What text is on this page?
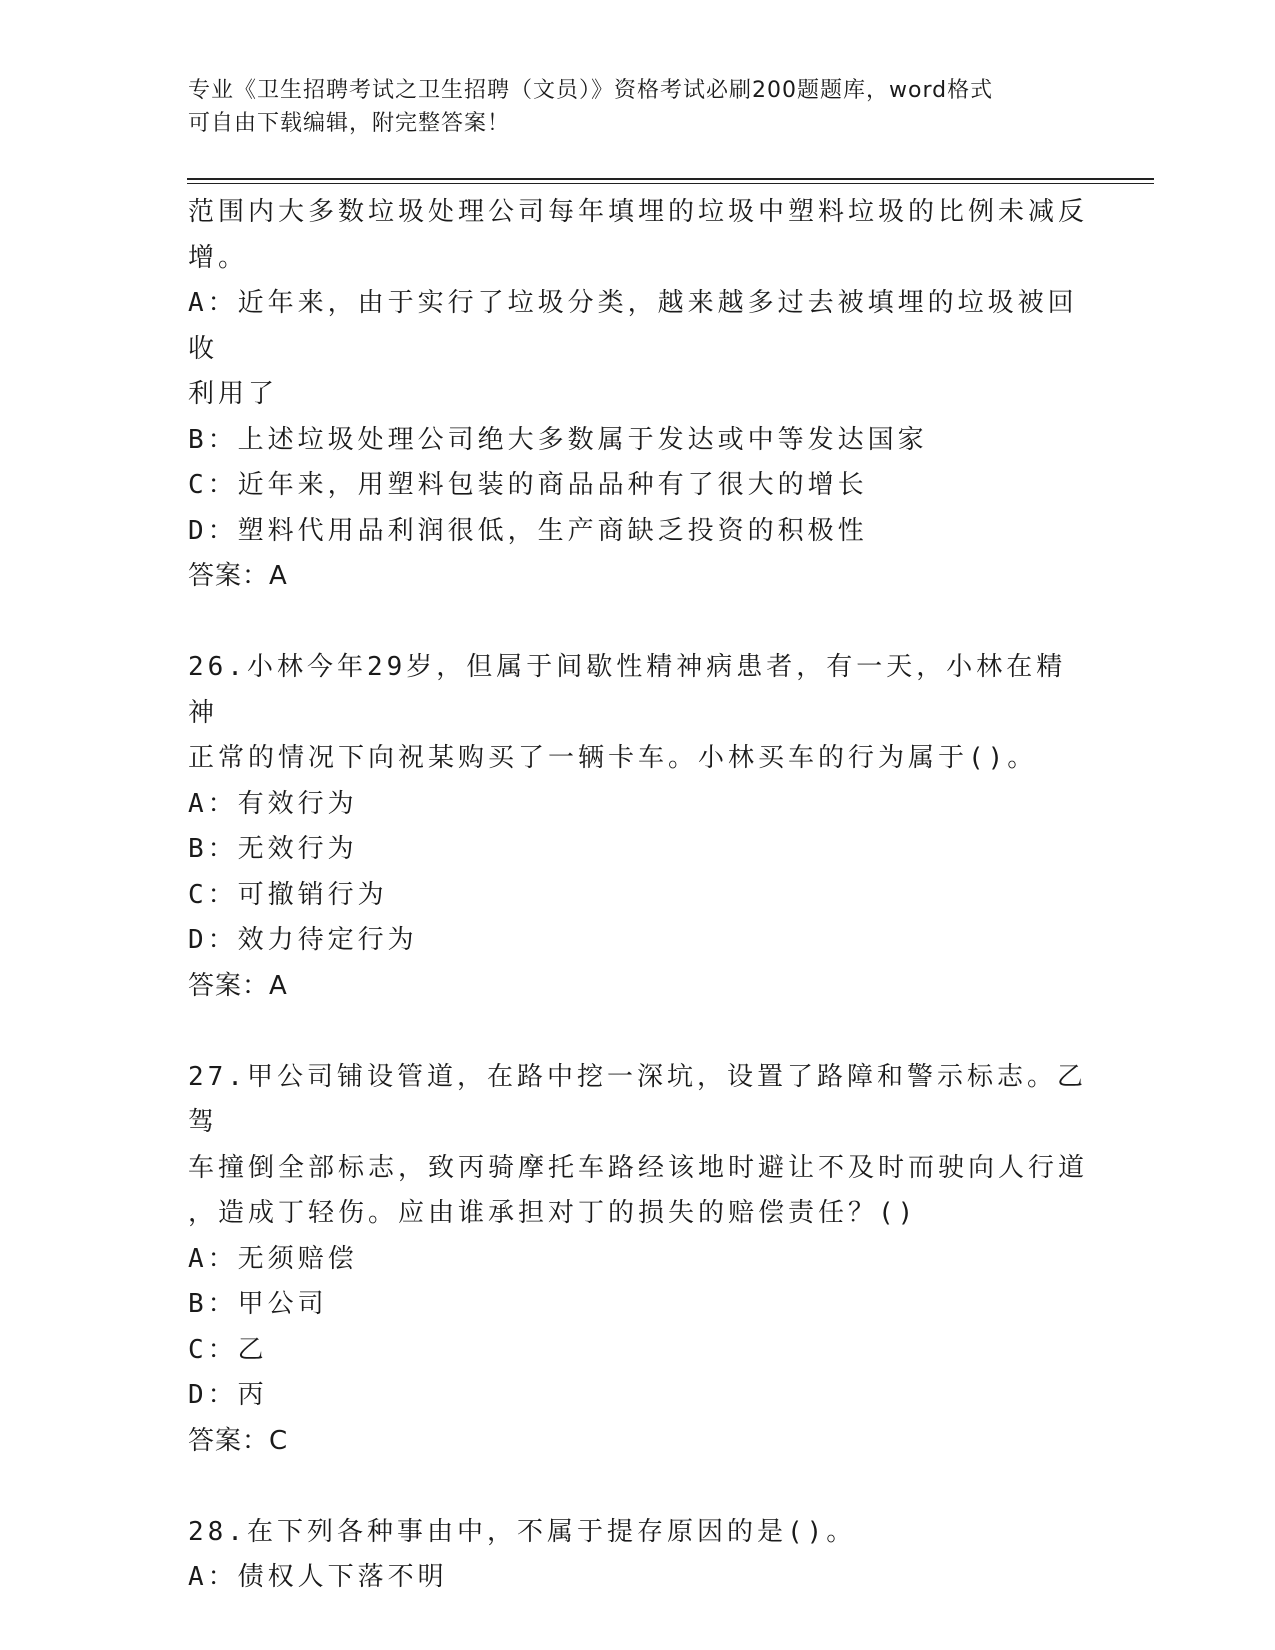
专业《卫生招聘考试之卫生招聘（文员）》资格考试必刷200题题库，word格式
可自由下载编辑，附完整答案！

范围内大多数垃圾处理公司每年填埋的垃圾中塑料垃圾的比例未减反

增。

A：近年来，由于实行了垃圾分类，越来越多过去被填埋的垃圾被回收

利用了

B：上述垃圾处理公司绝大多数属于发达或中等发达国家

C：近年来，用塑料包装的商品品种有了很大的增长

D：塑料代用品利润很低，生产商缺乏投资的积极性

答案：A

26.小林今年29岁，但属于间歇性精神病患者，有一天，小林在精神

正常的情况下向祝某购买了一辆卡车。小林买车的行为属于()。

A：有效行为

B：无效行为

C：可撤销行为

D：效力待定行为

答案：A

27.甲公司铺设管道，在路中挖一深坑，设置了路障和警示标志。乙驾

车撞倒全部标志，致丙骑摩托车路经该地时避让不及时而驶向人行道

，造成丁轻伤。应由谁承担对丁的损失的赔偿责任？()

A：无须赔偿

B：甲公司

C：乙

D：丙

答案：C

28.在下列各种事由中，不属于提存原因的是()。

A：债权人下落不明
